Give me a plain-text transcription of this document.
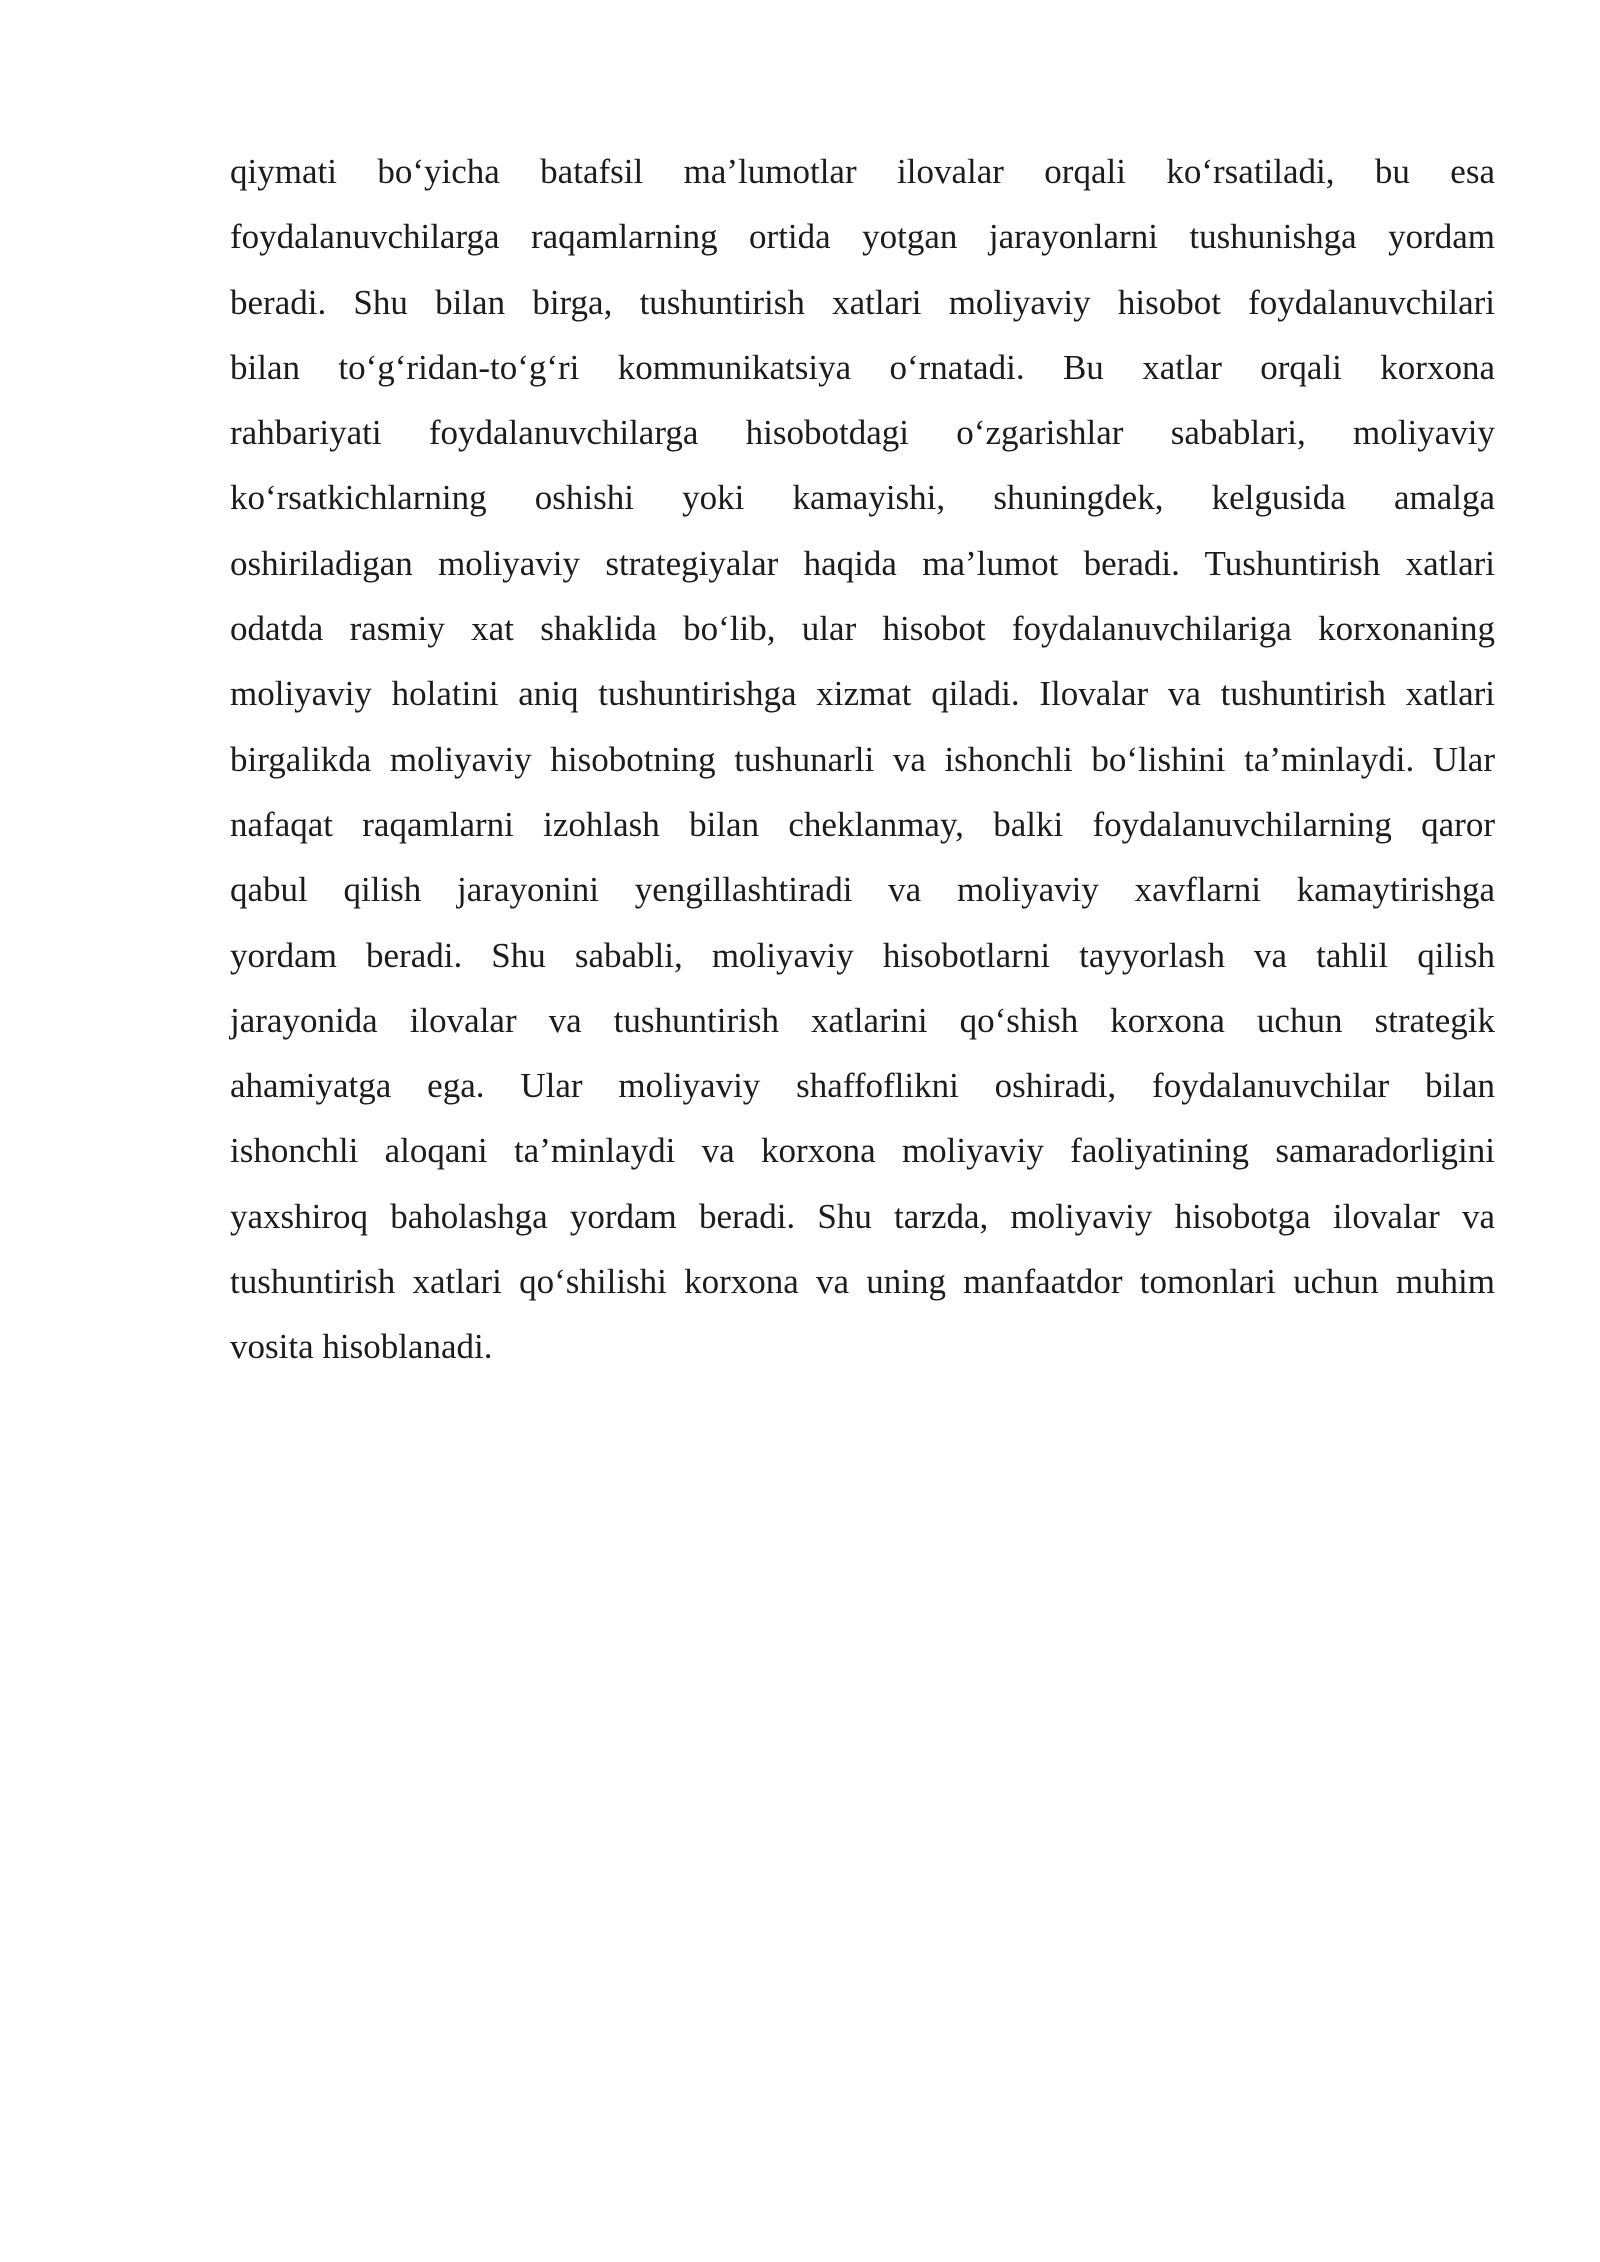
qiymati bo‘yicha batafsil ma’lumotlar ilovalar orqali ko‘rsatiladi, bu esa
foydalanuvchilarga raqamlarning ortida yotgan jarayonlarni tushunishga yordam
beradi. Shu bilan birga, tushuntirish xatlari moliyaviy hisobot foydalanuvchilari
bilan to‘g‘ridan-to‘g‘ri kommunikatsiya o‘rnatadi. Bu xatlar orqali korxona
rahbariyati foydalanuvchilarga hisobotdagi o‘zgarishlar sabablari, moliyaviy
ko‘rsatkichlarning oshishi yoki kamayishi, shuningdek, kelgusida amalga
oshiriladigan moliyaviy strategiyalar haqida ma’lumot beradi. Tushuntirish xatlari
odatda rasmiy xat shaklida bo‘lib, ular hisobot foydalanuvchilariga korxonaning
moliyaviy holatini aniq tushuntirishga xizmat qiladi. Ilovalar va tushuntirish xatlari
birgalikda moliyaviy hisobotning tushunarli va ishonchli bo‘lishini ta’minlaydi. Ular
nafaqat raqamlarni izohlash bilan cheklanmay, balki foydalanuvchilarning qaror
qabul qilish jarayonini yengillashtiradi va moliyaviy xavflarni kamaytirishga
yordam beradi. Shu sababli, moliyaviy hisobotlarni tayyorlash va tahlil qilish
jarayonida ilovalar va tushuntirish xatlarini qo‘shish korxona uchun strategik
ahamiyatga ega. Ular moliyaviy shaffoflikni oshiradi, foydalanuvchilar bilan
ishonchli aloqani ta’minlaydi va korxona moliyaviy faoliyatining samaradorligini
yaxshiroq baholashga yordam beradi. Shu tarzda, moliyaviy hisobotga ilovalar va
tushuntirish xatlari qo‘shilishi korxona va uning manfaatdor tomonlari uchun muhim
vosita hisoblanadi.
